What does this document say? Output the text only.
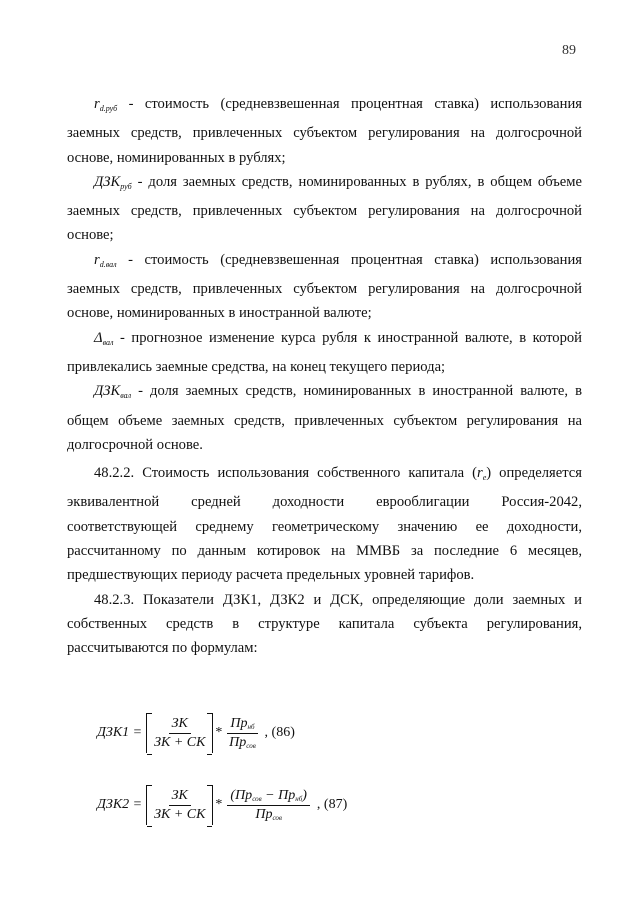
89

$r_{d.руб}$ - стоимость (средневзвешенная процентная ставка) использования заемных средств, привлеченных субъектом регулирования на долгосрочной основе, номинированных в рублях;

$ДЗК_{руб}$ - доля заемных средств, номинированных в рублях, в общем объеме заемных средств, привлеченных субъектом регулирования на долгосрочной основе;

$r_{d.вал}$ - стоимость (средневзвешенная процентная ставка) использования заемных средств, привлеченных субъектом регулирования на долгосрочной основе, номинированных в иностранной валюте;

$\Delta_{вал}$ - прогнозное изменение курса рубля к иностранной валюте, в которой привлекались заемные средства, на конец текущего периода;

$ДЗК_{вал}$ - доля заемных средств, номинированных в иностранной валюте, в общем объеме заемных средств, привлеченных субъектом регулирования на долгосрочной основе.

48.2.2. Стоимость использования собственного капитала $(r_e)$ определяется эквивалентной средней доходности еврооблигации Россия-2042, соответствующей среднему геометрическому значению ее доходности, рассчитанному по данным котировок на ММВБ за последние 6 месяцев, предшествующих периоду расчета предельных уровней тарифов.

48.2.3. Показатели ДЗК1, ДЗК2 и ДСК, определяющие доли заемных и собственных средств в структуре капитала субъекта регулирования, рассчитываются по формулам:

$ДЗК1 = \frac{ЗК}{ЗК + СК} * \frac{Пр_{нб}}{Пр_{сов}}$ , (86)
$ДЗК2 = \frac{ЗК}{ЗК + СК} * \frac{(Пр_{сов} - Пр_{нб})}{Пр_{сов}}$ , (87)
